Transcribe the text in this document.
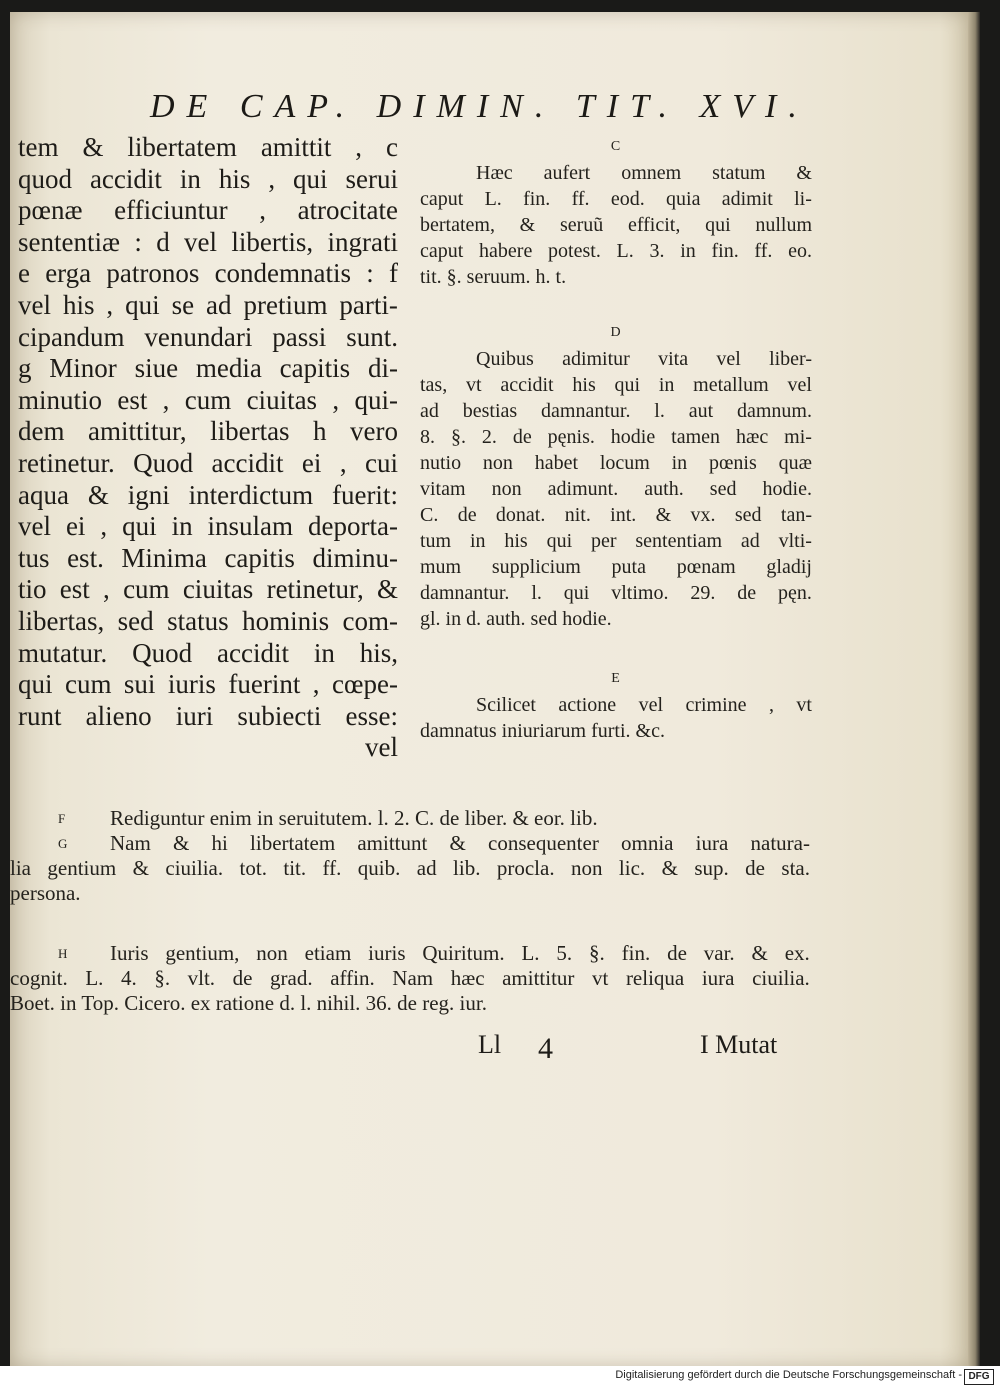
DE CAP. DIMIN. TIT. XVI.
tem & libertatem amittit , c
quod accidit in his , qui serui
pœnæ efficiuntur , atrocitate
sententiæ : d vel libertis, ingrati
e erga patronos condemnatis : f
vel his , qui se ad pretium parti-
cipandum venundari passi sunt.
g Minor siue media capitis di-
minutio est , cum ciuitas , qui-
dem amittitur, libertas h vero
retinetur. Quod accidit ei , cui
aqua & igni interdictum fuerit:
vel ei , qui in insulam deporta-
tus est. Minima capitis diminu-
tio est , cum ciuitas retinetur, &
libertas, sed status hominis com-
mutatur. Quod accidit in his,
qui cum sui iuris fuerint , cœpe-
runt alieno iuri subiecti esse:
vel
C
Hæc aufert omnem statum &
caput L. fin. ff. eod. quia adimit li-
bertatem, & seruũ efficit, qui nullum
caput habere potest. L. 3. in fin. ff. eo.
tit. §. seruum. h. t.
D
Quibus adimitur vita vel liber-
tas, vt accidit his qui in metallum vel
ad bestias damnantur. l. aut damnum.
8. §. 2. de pęnis. hodie tamen hæc mi-
nutio non habet locum in pœnis quæ
vitam non adimunt. auth. sed hodie.
C. de donat. nit. int. & vx. sed tan-
tum in his qui per sententiam ad vlti-
mum supplicium puta pœnam gladij
damnantur. l. qui vltimo. 29. de pęn.
gl. in d. auth. sed hodie.
E
Scilicet actione vel crimine , vt
damnatus iniuriarum furti. &c.
F	Rediguntur enim in seruitutem. l. 2. C. de liber. & eor. lib.
G	Nam & hi libertatem amittunt & consequenter omnia iura natura-
lia gentium & ciuilia. tot. tit. ff. quib. ad lib. procla. non lic. & sup. de sta.
persona.
H	Iuris gentium, non etiam iuris Quiritum. L. 5. §. fin. de var. & ex.
cognit. L. 4. §. vlt. de grad. affin. Nam hæc amittitur vt reliqua iura ciuilia.
Boet. in Top. Cicero. ex ratione d. l. nihil. 36. de reg. iur.
Ll 4	I Mutat
Digitalisierung gefördert durch die Deutsche Forschungsgemeinschaft - DFG
